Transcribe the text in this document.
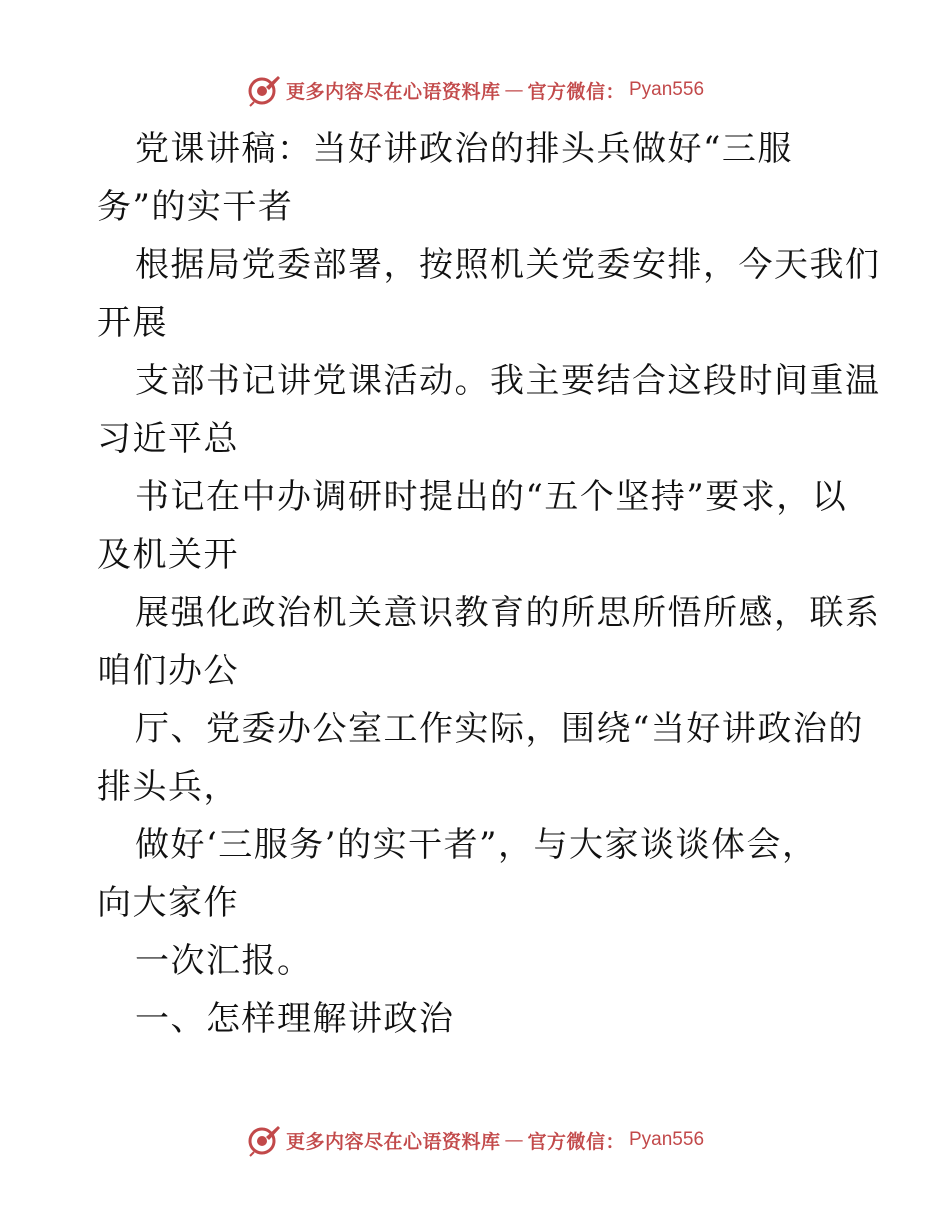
更多内容尽在心语资料库 — 官方微信： Pyan556
党课讲稿：当好讲政治的排头兵做好“三服
务”的实干者
根据局党委部署，按照机关党委安排，今天我们
开展
支部书记讲党课活动。我主要结合这段时间重温
习近平总
书记在中办调研时提出的“五个坚持”要求，以
及机关开
展强化政治机关意识教育的所思所悟所感，联系
咱们办公
厅、党委办公室工作实际，围绕“当好讲政治的
排头兵，
做好‘三服务’的实干者”，与大家谈谈体会，
向大家作
一次汇报。
一、怎样理解讲政治
更多内容尽在心语资料库 — 官方微信： Pyan556
